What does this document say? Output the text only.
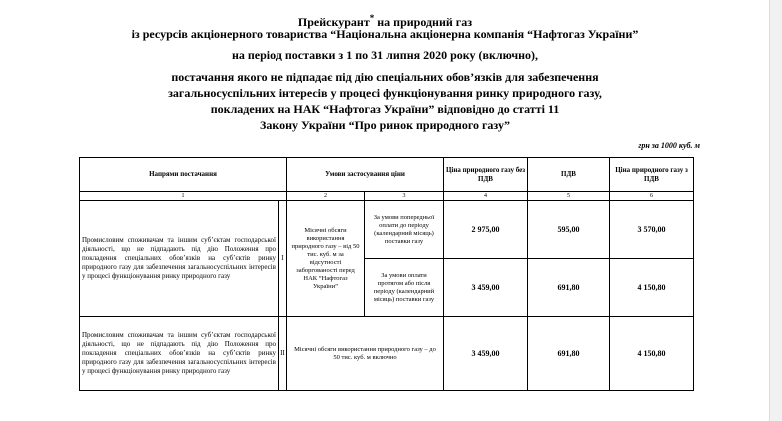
Прейскурант* на природний газ
із ресурсів акціонерного товариства “Національна акціонерна компанія “Нафтогаз України”
на період поставки з 1 по 31 липня 2020 року (включно),
постачання якого не підпадає під дію спеціальних обов’язків для забезпечення
загальносуспільних інтересів у процесі функціонування ринку природного газу,
покладених на НАК “Нафтогаз України” відповідно до статті 11
Закону України “Про ринок природного газу”
грн за 1000 куб. м
Напрями постачання		Умови застосування ціни		Ціна природного газу без ПДВ	ПДВ	Ціна природного газу з ПДВ
1		2	3	4	5	6
Промисловим споживачам та іншим суб’єктам господарської діяльності, що не підпадають під дію Положення про покладення спеціальних обов’язків на суб’єктів ринку природного газу для забезпечення загальносуспільних інтересів у процесі функціонування ринку природного газу	I	Місячні обсяги використання природного газу – від 50 тис. куб. м за відсутності заборгованості перед НАК “Нафтогаз України”	За умови попередньої оплати до періоду (календарний місяць) поставки газу	2 975,00	595,00	3 570,00
			За умови оплати протягом або після періоду (календарний місяць) поставки газу	3 459,00	691,80	4 150,80
Промисловим споживачам та іншим суб’єктам господарської діяльності, що не підпадають під дію Положення про покладення спеціальних обов’язків на суб’єктів ринку природного газу для забезпечення загальносуспільних інтересів у процесі функціонування ринку природного газу	II	Місячні обсяги використання природного газу – до 50 тис. куб. м включно		3 459,00	691,80	4 150,80
